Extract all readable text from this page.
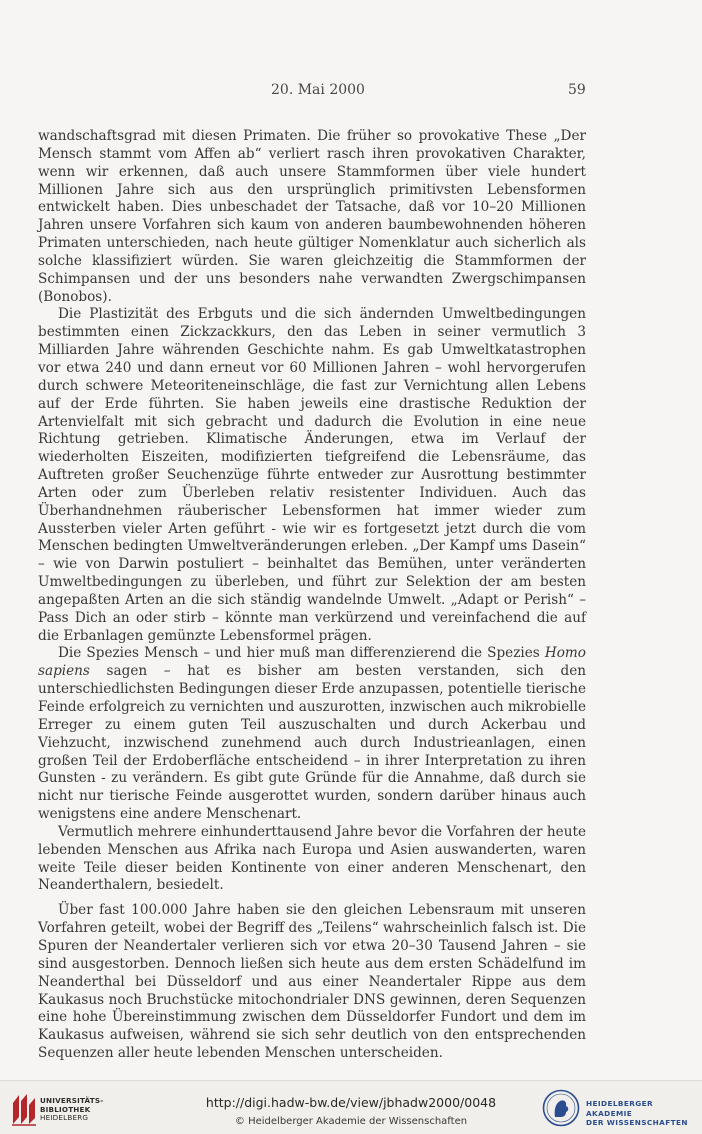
20. Mai 2000	59

wandschaftsgrad mit diesen Primaten. Die früher so provokative These „Der Mensch stammt vom Affen ab“ verliert rasch ihren provokativen Charakter, wenn wir erkennen, daß auch unsere Stammformen über viele hundert Millionen Jahre sich aus den ursprünglich primitivsten Lebensformen entwickelt haben. Dies unbeschadet der Tatsache, daß vor 10–20 Millionen Jahren unsere Vorfahren sich kaum von anderen baumbewohnenden höheren Primaten unterschieden, nach heute gültiger Nomenklatur auch sicherlich als solche klassifiziert würden. Sie waren gleichzeitig die Stammformen der Schimpansen und der uns besonders nahe verwandten Zwergschimpansen (Bonobos).

Die Plastizität des Erbguts und die sich ändernden Umweltbedingungen bestimmten einen Zickzackkurs, den das Leben in seiner vermutlich 3 Milliarden Jahre währenden Geschichte nahm. Es gab Umweltkatastrophen vor etwa 240 und dann erneut vor 60 Millionen Jahren – wohl hervorgerufen durch schwere Meteoriteneinschläge, die fast zur Vernichtung allen Lebens auf der Erde führten. Sie haben jeweils eine drastische Reduktion der Artenvielfalt mit sich gebracht und dadurch die Evolution in eine neue Richtung getrieben. Klimatische Änderungen, etwa im Verlauf der wiederholten Eiszeiten, modifizierten tiefgreifend die Lebensräume, das Auftreten großer Seuchenzüge führte entweder zur Ausrottung bestimmter Arten oder zum Überleben relativ resistenter Individuen. Auch das Überhandnehmen räuberischer Lebensformen hat immer wieder zum Aussterben vieler Arten geführt - wie wir es fortgesetzt jetzt durch die vom Menschen bedingten Umweltveränderungen erleben. „Der Kampf ums Dasein“ – wie von Darwin postuliert – beinhaltet das Bemühen, unter veränderten Umweltbedingungen zu überleben, und führt zur Selektion der am besten angepaßten Arten an die sich ständig wandelnde Umwelt. „Adapt or Perish“ – Pass Dich an oder stirb – könnte man verkürzend und vereinfachend die auf die Erbanlagen gemünzte Lebensformel prägen.

Die Spezies Mensch – und hier muß man differenzierend die Spezies Homo sapiens sagen – hat es bisher am besten verstanden, sich den unterschiedlichsten Bedingungen dieser Erde anzupassen, potentielle tierische Feinde erfolgreich zu vernichten und auszurotten, inzwischen auch mikrobielle Erreger zu einem guten Teil auszuschalten und durch Ackerbau und Viehzucht, inzwischend zunehmend auch durch Industrieanlagen, einen großen Teil der Erdoberfläche entscheidend – in ihrer Interpretation zu ihren Gunsten - zu verändern. Es gibt gute Gründe für die Annahme, daß durch sie nicht nur tierische Feinde ausgerottet wurden, sondern darüber hinaus auch wenigstens eine andere Menschenart.

Vermutlich mehrere einhunderttausend Jahre bevor die Vorfahren der heute lebenden Menschen aus Afrika nach Europa und Asien auswanderten, waren weite Teile dieser beiden Kontinente von einer anderen Menschenart, den Neanderthalern, besiedelt.

Über fast 100.000 Jahre haben sie den gleichen Lebensraum mit unseren Vorfahren geteilt, wobei der Begriff des „Teilens“ wahrscheinlich falsch ist. Die Spuren der Neandertaler verlieren sich vor etwa 20–30 Tausend Jahren – sie sind ausgestorben. Dennoch ließen sich heute aus dem ersten Schädelfund im Neanderthal bei Düsseldorf und aus einer Neandertaler Rippe aus dem Kaukasus noch Bruchstücke mitochondrialer DNS gewinnen, deren Sequenzen eine hohe Übereinstimmung zwischen dem Düsseldorfer Fundort und dem im Kaukasus aufweisen, während sie sich sehr deutlich von den entsprechenden Sequenzen aller heute lebenden Menschen unterscheiden.

UNIVERSITÄTS-
BIBLIOTHEK
HEIDELBERG
http://digi.hadw-bw.de/view/jbhadw2000/0048
© Heidelberger Akademie der Wissenschaften
HEIDELBERGER AKADEMIE
DER WISSENSCHAFTEN
